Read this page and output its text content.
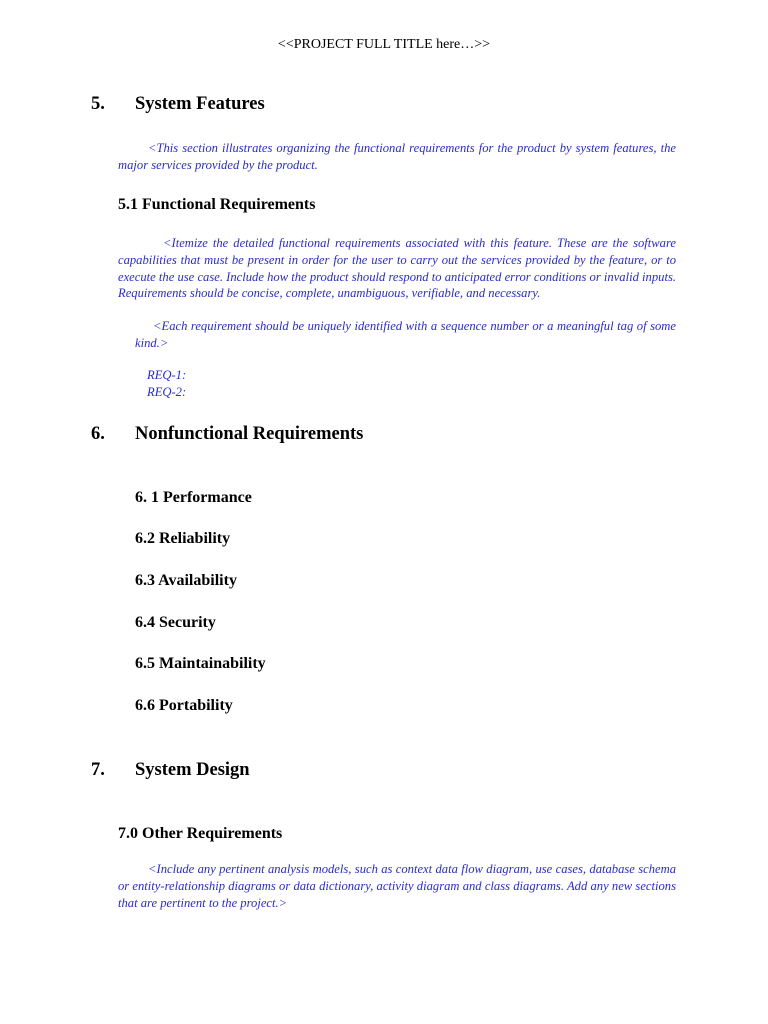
<<PROJECT FULL TITLE here…>>
5. System Features

<This section illustrates organizing the functional requirements for the product by system features, the major services provided by the product.

5.1 Functional Requirements

<Itemize the detailed functional requirements associated with this feature. These are the software capabilities that must be present in order for the user to carry out the services provided by the feature, or to execute the use case. Include how the product should respond to anticipated error conditions or invalid inputs. Requirements should be concise, complete, unambiguous, verifiable, and necessary.

<Each requirement should be uniquely identified with a sequence number or a meaningful tag of some kind.>

REQ-1:
REQ-2:
6. Nonfunctional Requirements
6. 1 Performance
6.2 Reliability
6.3 Availability
6.4 Security
6.5 Maintainability
6.6 Portability
7. System Design
7.0 Other Requirements

<Include any pertinent analysis models, such as context data flow diagram, use cases, database schema or entity-relationship diagrams or data dictionary, activity diagram and class diagrams. Add any new sections that are pertinent to the project.>
